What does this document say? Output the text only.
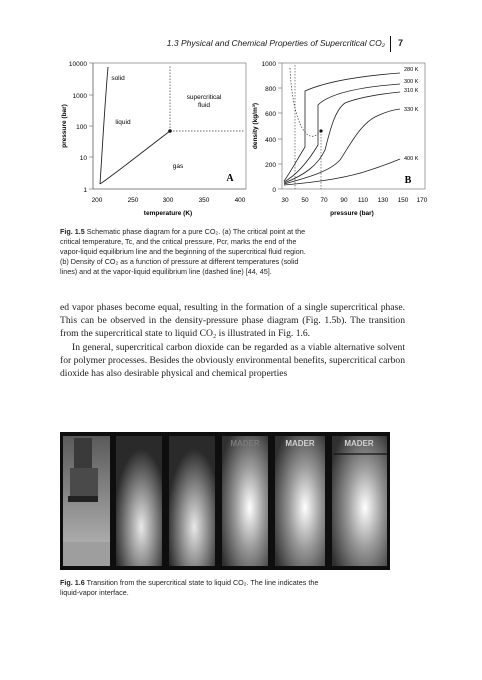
1.3 Physical and Chemical Properties of Supercritical CO₂ 7
10000
1000
100
10
1
200	250	300	350	400
pressure (bar)
temperature (K)
solid
liquid
supercritical
fluid
gas
A
1000
800
600
400
200
0
30 50 70 90 110 130 150 170
density (kg/m³)
pressure (bar)
280 K
300 K
310 K
330 K
400 K
B
Fig. 1.5 Schematic phase diagram for a pure CO₂. (a) The critical point at the critical temperature, Tc, and the critical pressure, Pcr, marks the end of the vapor-liquid equilibrium line and the beginning of the supercritical fluid region. (b) Density of CO₂ as a function of pressure at different temperatures (solid lines) and at the vapor-liquid equilibrium line (dashed line) [44, 45].

ed vapor phases become equal, resulting in the formation of a single supercritical phase. This can be observed in the density-pressure phase diagram (Fig. 1.5b). The transition from the supercritical state to liquid CO₂ is illustrated in Fig. 1.6.

In general, supercritical carbon dioxide can be regarded as a viable alternative solvent for polymer processes. Besides the obviously environmental benefits, supercritical carbon dioxide has also desirable physical and chemical properties

MADER	MADER
MADER
Fig. 1.6 Transition from the supercritical state to liquid CO₂. The line indicates the liquid-vapor interface.
